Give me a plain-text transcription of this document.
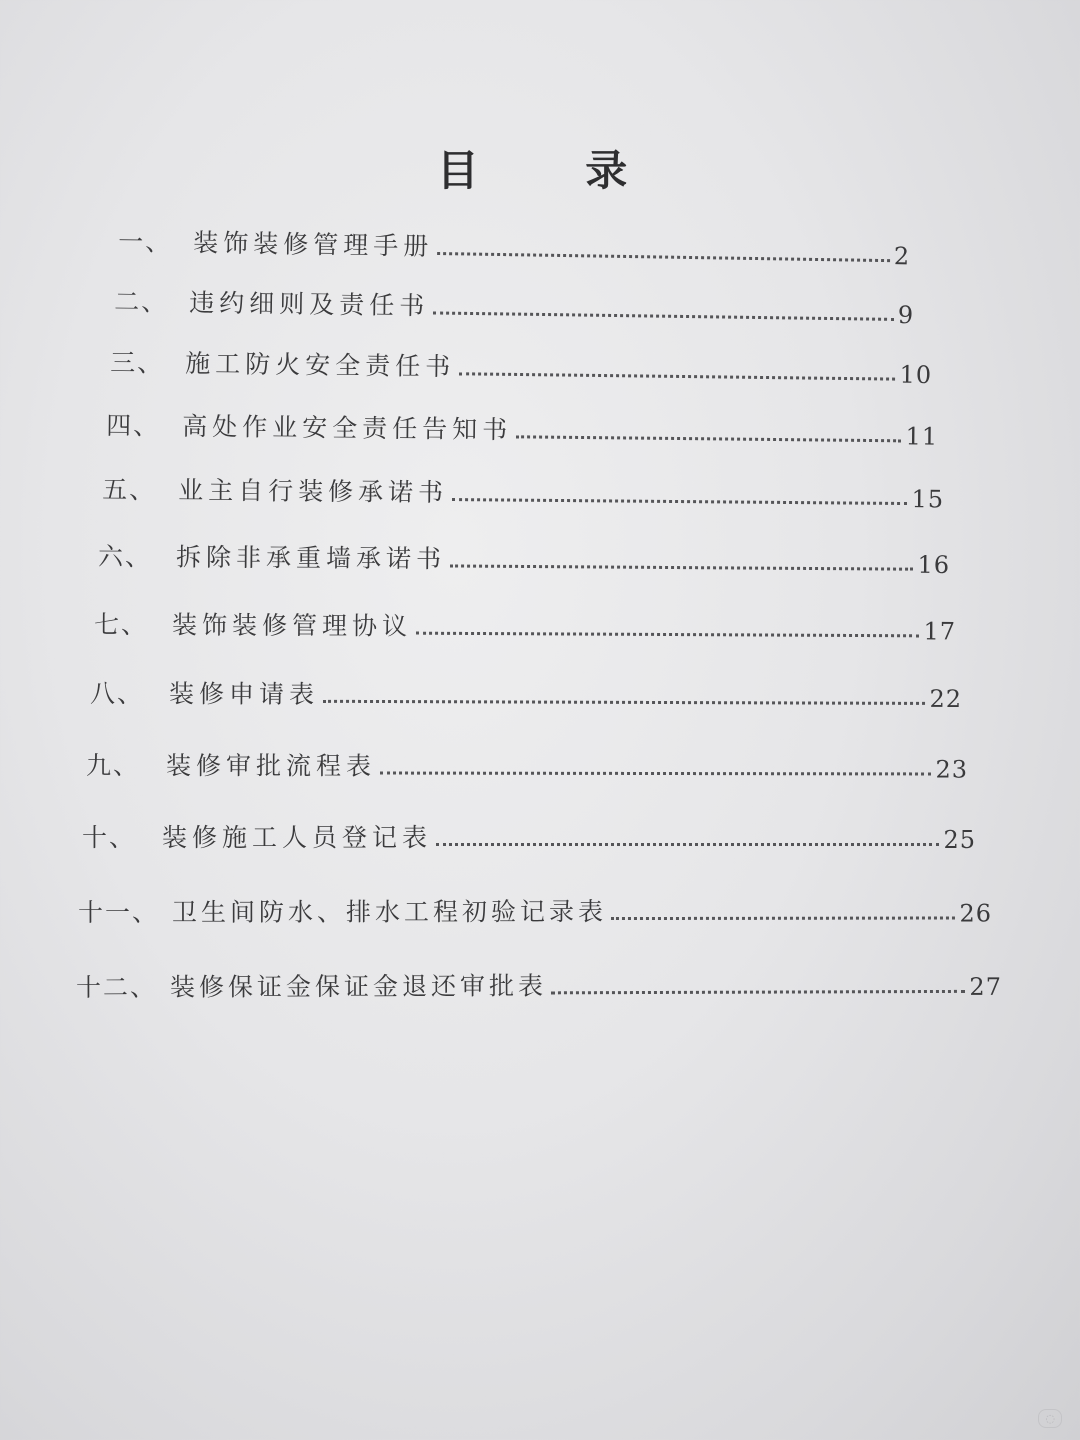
目 录
一、 装饰装修管理手册	2
二、 违约细则及责任书	9
三、 施工防火安全责任书	10
四、 高处作业安全责任告知书	11
五、 业主自行装修承诺书	15
六、 拆除非承重墙承诺书	16
七、 装饰装修管理协议	17
八、 装修申请表	22
九、	装修审批流程表	23
十、	装修施工人员登记表	25
十一、 卫生间防水、排水工程初验记录表	26
十二、 装修保证金保证金退还审批表	27
◌
